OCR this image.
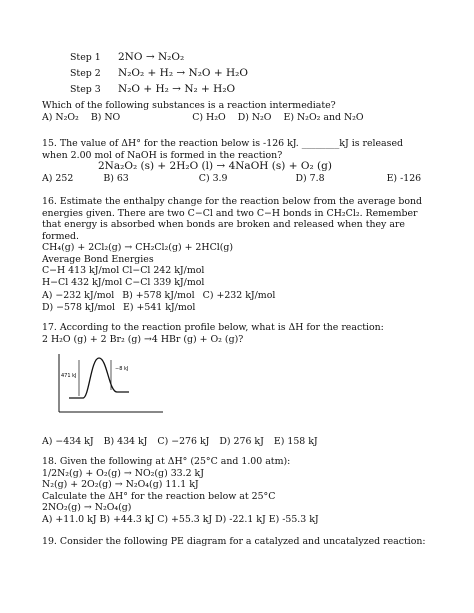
Step 1	2NO → N₂O₂
Step 2	N₂O₂ + H₂ → N₂O + H₂O
Step 3	N₂O + H₂ → N₂ + H₂O
Which of the following substances is a reaction intermediate?
A) N₂O₂ B) NO	C) H₂O D) N₂O E) N₂O₂ and N₂O
15. The value of ΔH° for the reaction below is -126 kJ. ________kJ is released
when 2.00 mol of NaOH is formed in the reaction?
2Na₂O₂ (s) + 2H₂O (l) → 4NaOH (s) + O₂ (g)
A) 252	B) 63	C) 3.9	D) 7.8	E) -126
16. Estimate the enthalpy change for the reaction below from the average bond
energies given. There are two C−Cl and two C−H bonds in CH₂Cl₂. Remember
that energy is absorbed when bonds are broken and released when they are
formed.
CH₄(g) + 2Cl₂(g) → CH₂Cl₂(g) + 2HCl(g)
Average Bond Energies
C−H 413 kJ/mol Cl−Cl 242 kJ/mol
H−Cl 432 kJ/mol C−Cl 339 kJ/mol
A) −232 kJ/mol B) +578 kJ/mol C) +232 kJ/mol
D) −578 kJ/mol E) +541 kJ/mol
17. According to the reaction profile below, what is ΔH for the reaction:
2 H₂O (g) + 2 Br₂ (g) →4 HBr (g) + O₂ (g)?
471 kJ
−8 kJ
A) −434 kJ B) 434 kJ C) −276 kJ D) 276 kJ E) 158 kJ
18. Given the following at ΔH° (25°C and 1.00 atm):
1/2N₂(g) + O₂(g) → NO₂(g) 33.2 kJ
N₂(g) + 2O₂(g) → N₂O₄(g) 11.1 kJ
Calculate the ΔH° for the reaction below at 25°C
2NO₂(g) → N₂O₄(g)
A) +11.0 kJ B) +44.3 kJ C) +55.3 kJ D) -22.1 kJ E) -55.3 kJ
19. Consider the following PE diagram for a catalyzed and uncatalyzed reaction:
